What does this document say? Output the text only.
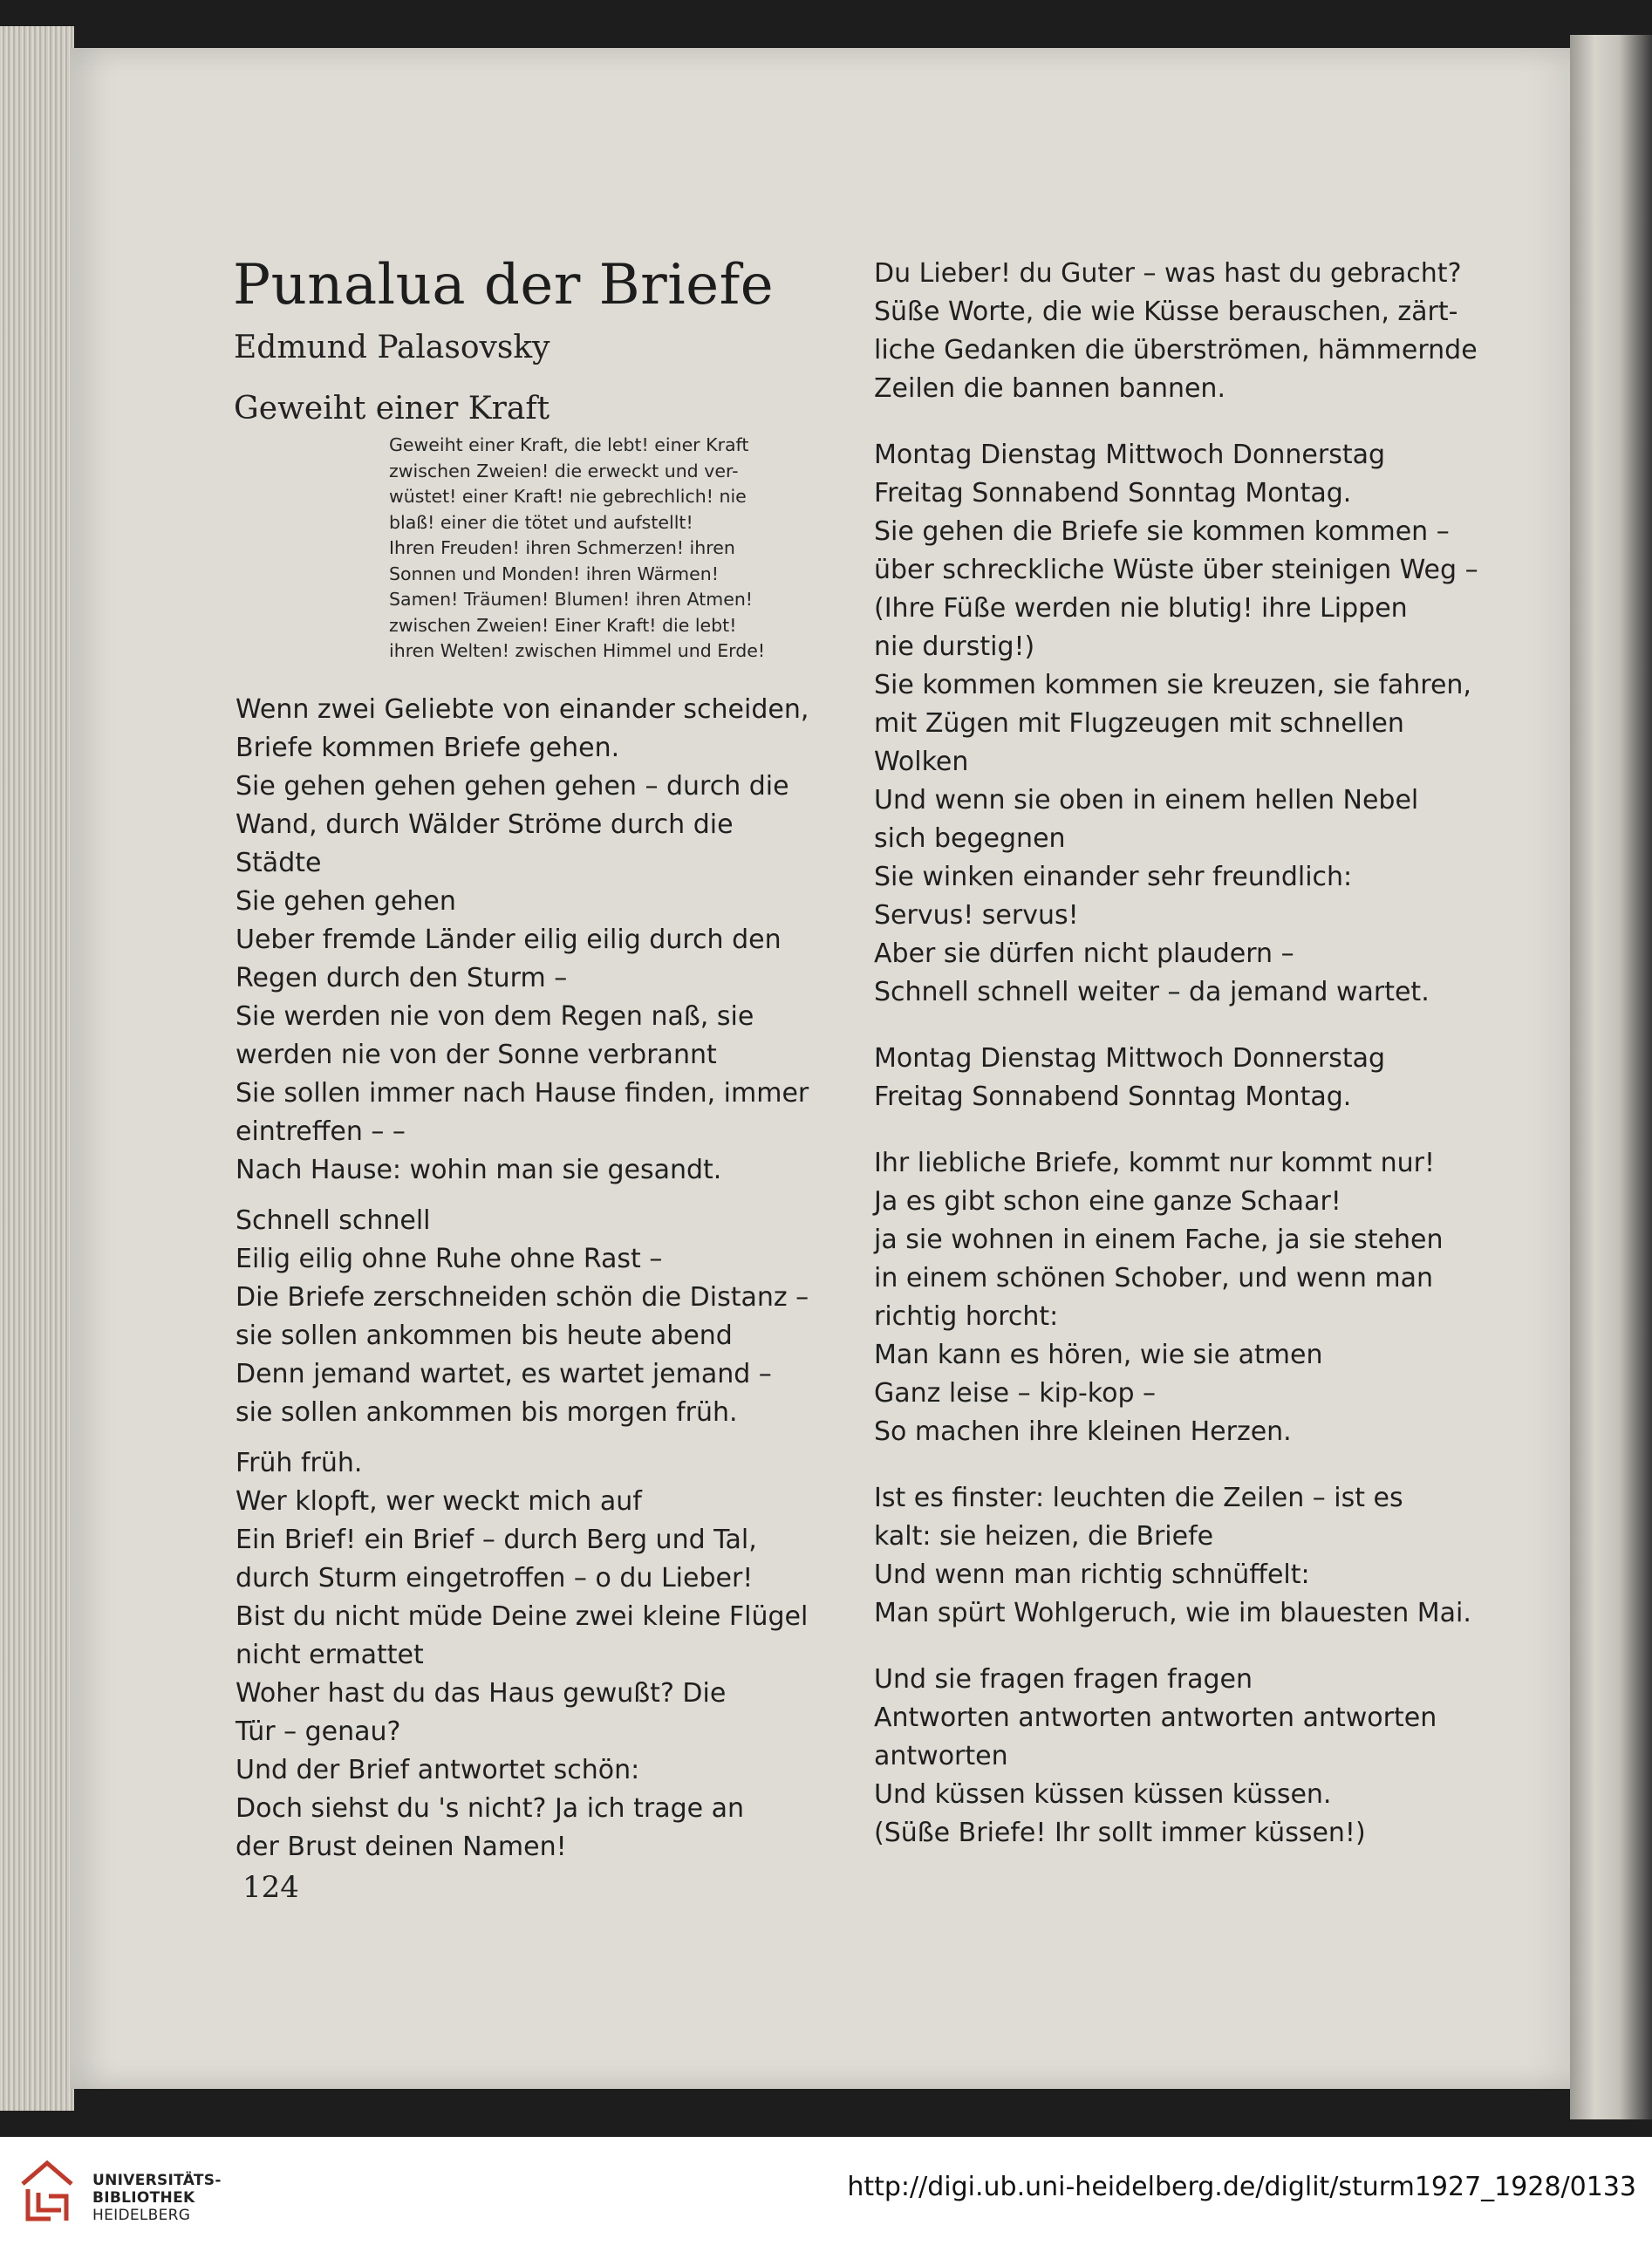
Punalua der Briefe
Edmund Palasovsky
Geweiht einer Kraft
Geweiht einer Kraft, die lebt! einer Kraft
zwischen Zweien! die erweckt und ver-
wüstet! einer Kraft! nie gebrechlich! nie
blaß! einer die tötet und aufstellt!
Ihren Freuden! ihren Schmerzen! ihren
Sonnen und Monden! ihren Wärmen!
Samen! Träumen! Blumen! ihren Atmen!
zwischen Zweien! Einer Kraft! die lebt!
ihren Welten! zwischen Himmel und Erde!
Wenn zwei Geliebte von einander scheiden,
Briefe kommen Briefe gehen.
Sie gehen gehen gehen gehen – durch die
Wand, durch Wälder Ströme durch die
Städte
Sie gehen gehen
Ueber fremde Länder eilig eilig durch den
Regen durch den Sturm –
Sie werden nie von dem Regen naß, sie
werden nie von der Sonne verbrannt
Sie sollen immer nach Hause finden, immer
eintreffen – –
Nach Hause: wohin man sie gesandt.
Schnell schnell
Eilig eilig ohne Ruhe ohne Rast –
Die Briefe zerschneiden schön die Distanz –
sie sollen ankommen bis heute abend
Denn jemand wartet, es wartet jemand –
sie sollen ankommen bis morgen früh.
Früh früh.
Wer klopft, wer weckt mich auf
Ein Brief! ein Brief – durch Berg und Tal,
durch Sturm eingetroffen – o du Lieber!
Bist du nicht müde Deine zwei kleine Flügel
nicht ermattet
Woher hast du das Haus gewußt? Die
Tür – genau?
Und der Brief antwortet schön:
Doch siehst du 's nicht? Ja ich trage an
der Brust deinen Namen!
Du Lieber! du Guter – was hast du gebracht?
Süße Worte, die wie Küsse berauschen, zärt-
liche Gedanken die überströmen, hämmernde
Zeilen die bannen bannen.
Montag Dienstag Mittwoch Donnerstag
Freitag Sonnabend Sonntag Montag.
Sie gehen die Briefe sie kommen kommen –
über schreckliche Wüste über steinigen Weg –
(Ihre Füße werden nie blutig! ihre Lippen
nie durstig!)
Sie kommen kommen sie kreuzen, sie fahren,
mit Zügen mit Flugzeugen mit schnellen
Wolken
Und wenn sie oben in einem hellen Nebel
sich begegnen
Sie winken einander sehr freundlich:
Servus! servus!
Aber sie dürfen nicht plaudern –
Schnell schnell weiter – da jemand wartet.
Montag Dienstag Mittwoch Donnerstag
Freitag Sonnabend Sonntag Montag.
Ihr liebliche Briefe, kommt nur kommt nur!
Ja es gibt schon eine ganze Schaar!
ja sie wohnen in einem Fache, ja sie stehen
in einem schönen Schober, und wenn man
richtig horcht:
Man kann es hören, wie sie atmen
Ganz leise – kip-kop –
So machen ihre kleinen Herzen.
Ist es finster: leuchten die Zeilen – ist es
kalt: sie heizen, die Briefe
Und wenn man richtig schnüffelt:
Man spürt Wohlgeruch, wie im blauesten Mai.
Und sie fragen fragen fragen
Antworten antworten antworten antworten
antworten
Und küssen küssen küssen küssen.
(Süße Briefe! Ihr sollt immer küssen!)
124
UNIVERSITÄTS-
BIBLIOTHEK
HEIDELBERG
http://digi.ub.uni-heidelberg.de/diglit/sturm1927_1928/0133
